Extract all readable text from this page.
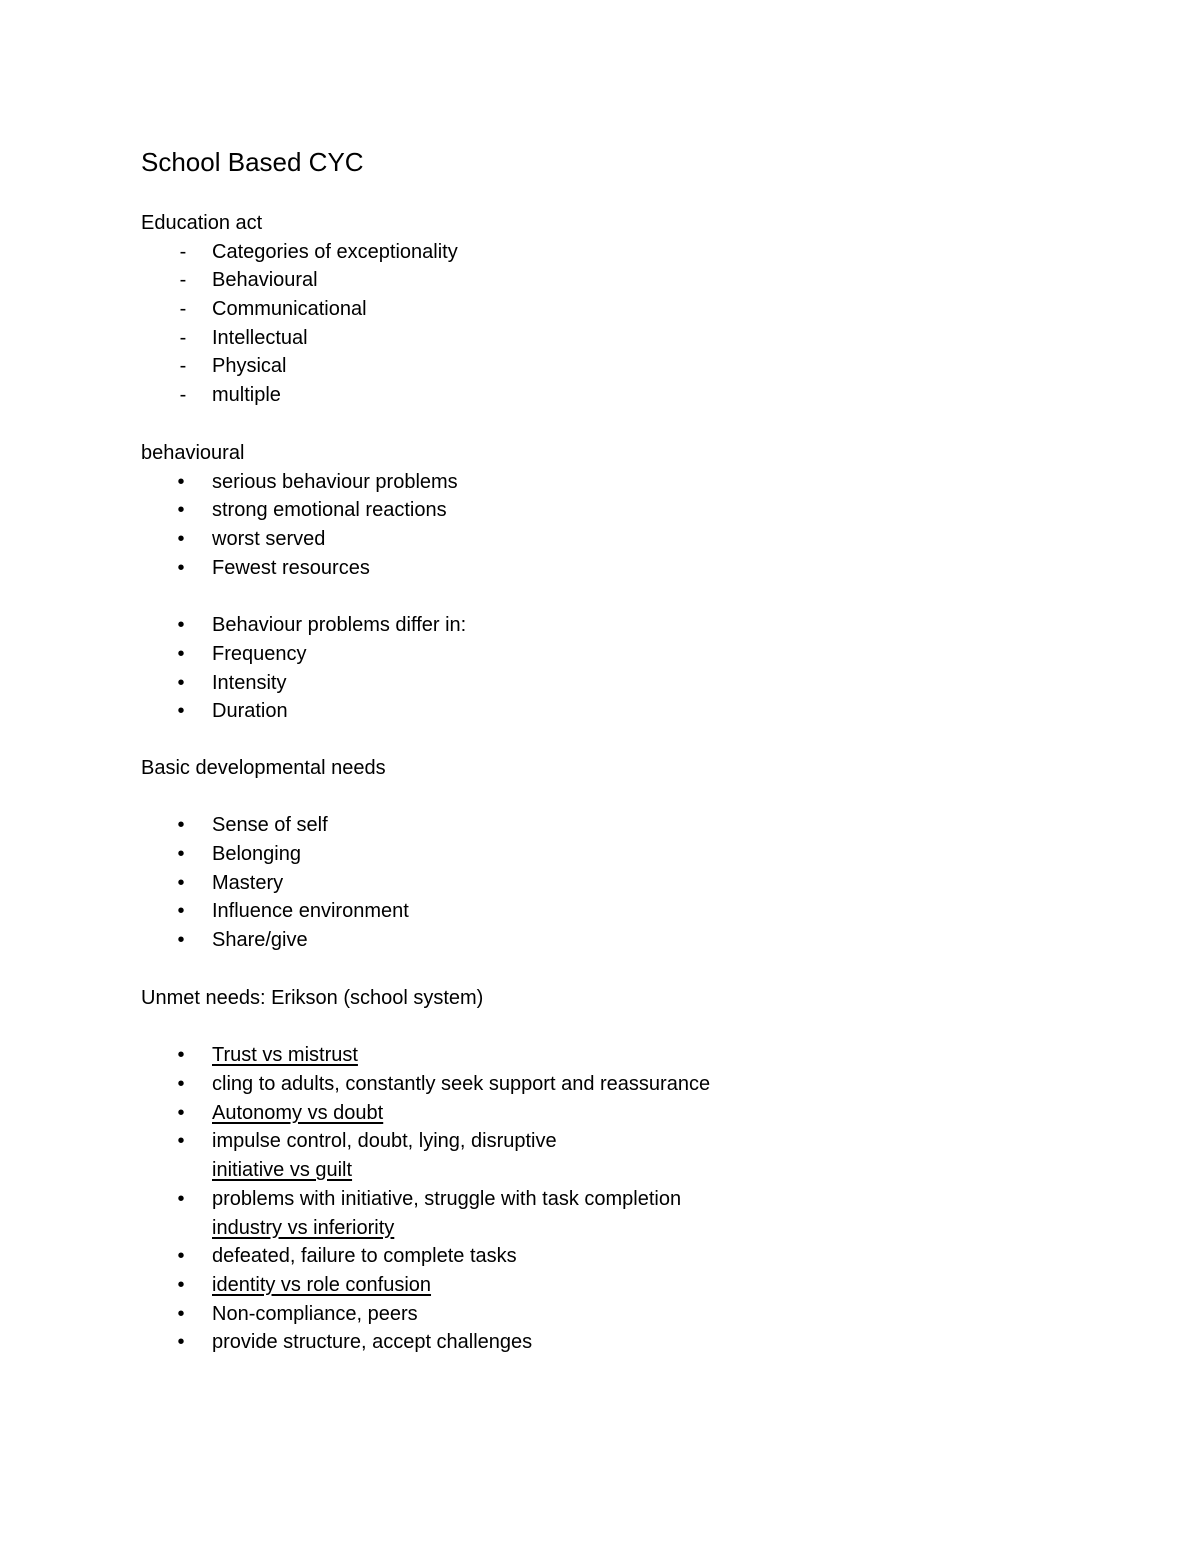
School Based CYC
Education act
- Categories of exceptionality
- Behavioural
- Communicational
- Intellectual
- Physical
- multiple
behavioural
• serious behaviour problems
• strong emotional reactions
• worst served
• Fewest resources
• Behaviour problems differ in:
• Frequency
• Intensity
• Duration
Basic developmental needs
• Sense of self
• Belonging
• Mastery
• Influence environment
• Share/give
Unmet needs: Erikson (school system)
• Trust vs mistrust
• cling to adults, constantly seek support and reassurance
• Autonomy vs doubt
• impulse control, doubt, lying, disruptive
initiative vs guilt
• problems with initiative, struggle with task completion
industry vs inferiority
• defeated, failure to complete tasks
• identity vs role confusion
• Non-compliance, peers
• provide structure, accept challenges
